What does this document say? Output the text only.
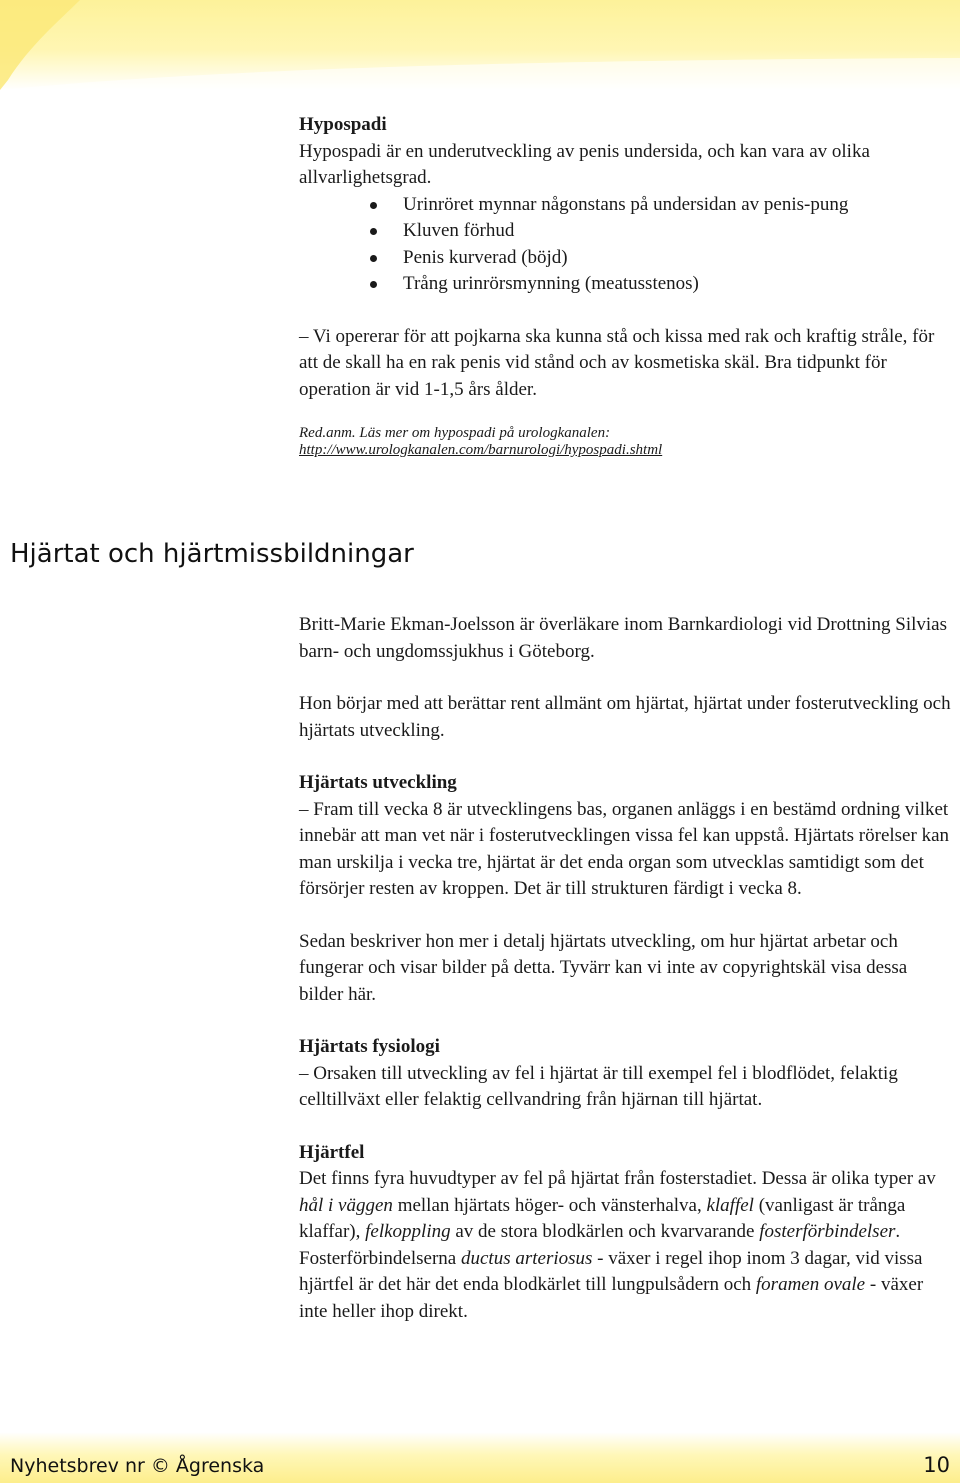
Hypospadi

Hypospadi är en underutveckling av penis undersida, och kan vara av olika allvarlighetsgrad.

Urinröret mynnar någonstans på undersidan av penis-pung
Kluven förhud
Penis kurverad (böjd)
Trång urinrörsmynning (meatusstenos)

– Vi opererar för att pojkarna ska kunna stå och kissa med rak och kraftig stråle, för att de skall ha en rak penis vid stånd och av kosmetiska skäl. Bra tidpunkt för operation är vid 1-1,5 års ålder.

Red.anm. Läs mer om hypospadi på urologkanalen:
http://www.urologkanalen.com/barnurologi/hypospadi.shtml

Hjärtat och hjärtmissbildningar

Britt-Marie Ekman-Joelsson är överläkare inom Barnkardiologi vid Drottning Silvias barn- och ungdomssjukhus i Göteborg.

Hon börjar med att berättar rent allmänt om hjärtat, hjärtat under fosterutveckling och hjärtats utveckling.

Hjärtats utveckling

– Fram till vecka 8 är utvecklingens bas, organen anläggs i en bestämd ordning vilket innebär att man vet när i fosterutvecklingen vissa fel kan uppstå. Hjärtats rörelser kan man urskilja i vecka tre, hjärtat är det enda organ som utvecklas samtidigt som det försörjer resten av kroppen. Det är till strukturen färdigt i vecka 8.

Sedan beskriver hon mer i detalj hjärtats utveckling, om hur hjärtat arbetar och fungerar och visar bilder på detta. Tyvärr kan vi inte av copyrightskäl visa dessa bilder här.

Hjärtats fysiologi

– Orsaken till utveckling av fel i hjärtat är till exempel fel i blodflödet, felaktig celltillväxt eller felaktig cellvandring från hjärnan till hjärtat.

Hjärtfel

Det finns fyra huvudtyper av fel på hjärtat från fosterstadiet. Dessa är olika typer av hål i väggen mellan hjärtats höger- och vänsterhalva, klaffel (vanligast är trånga klaffar), felkoppling av de stora blodkärlen och kvarvarande fosterförbindelser. Fosterförbindelserna ductus arteriosus - växer i regel ihop inom 3 dagar, vid vissa hjärtfel är det här det enda blodkärlet till lungpulsådern och foramen ovale - växer inte heller ihop direkt.

Nyhetsbrev nr © Ågrenska	10
